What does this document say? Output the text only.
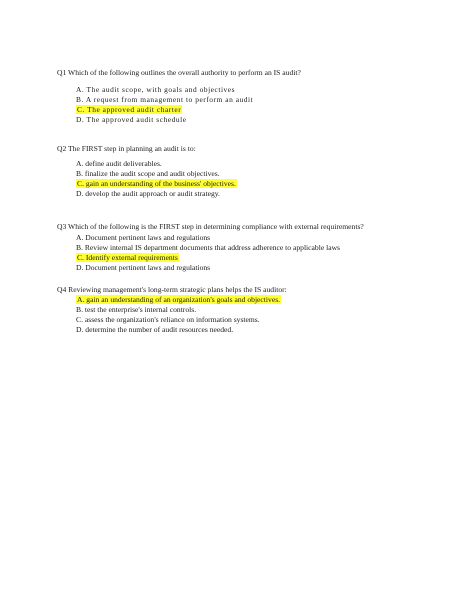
Q1 Which of the following outlines the overall authority to perform an IS audit?
A. The audit scope, with goals and objectives
B. A request from management to perform an audit
C. The approved audit charter
D. The approved audit schedule
Q2 The FIRST step in planning an audit is to:
A. define audit deliverables.
B. finalize the audit scope and audit objectives.
C. gain an understanding of the business' objectives.
D. develop the audit approach or audit strategy.
Q3 Which of the following is the FIRST step in determining compliance with external requirements?
A. Document pertinent laws and regulations
B. Review internal IS department documents that address adherence to applicable laws
C. Identify external requirements
D. Document pertinent laws and regulations
Q4 Reviewing management's long-term strategic plans helps the IS auditor:
A. gain an understanding of an organization's goals and objectives.
B. test the enterprise's internal controls.
C. assess the organization's reliance on information systems.
D. determine the number of audit resources needed.
